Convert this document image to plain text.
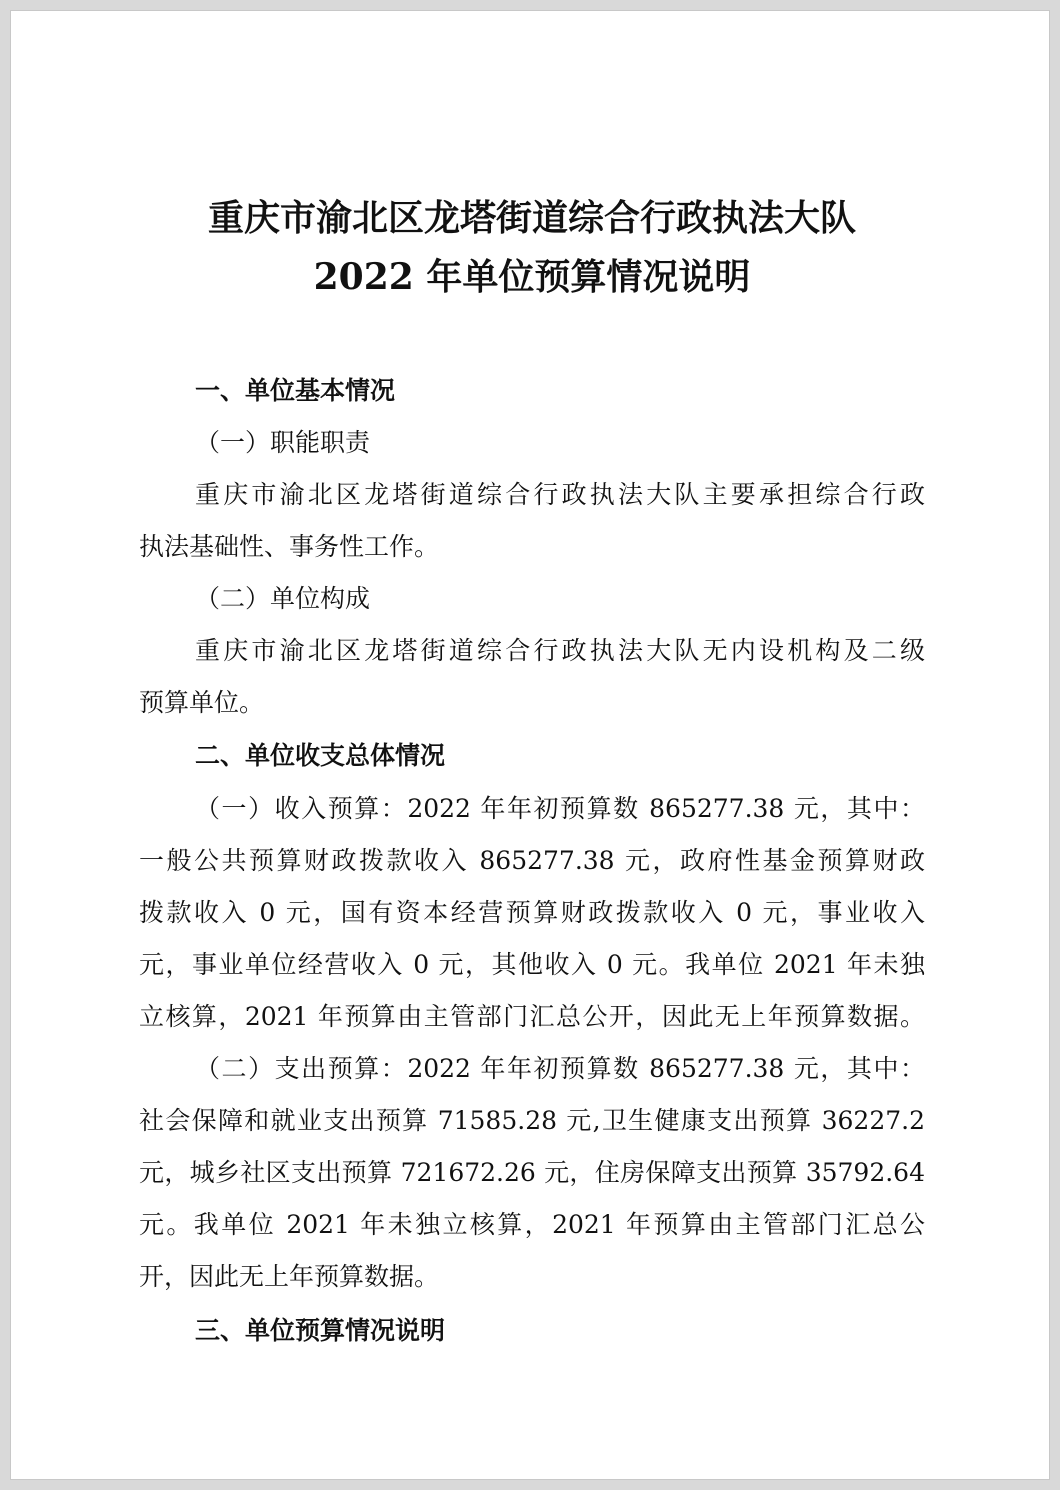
重庆市渝北区龙塔街道综合行政执法大队
2022 年单位预算情况说明
一、单位基本情况
（一）职能职责
重庆市渝北区龙塔街道综合行政执法大队主要承担综合行政
执法基础性、事务性工作。
（二）单位构成
重庆市渝北区龙塔街道综合行政执法大队无内设机构及二级
预算单位。
二、单位收支总体情况
（一）收入预算：2022 年年初预算数 865277.38 元，其中：
一般公共预算财政拨款收入 865277.38 元，政府性基金预算财政
拨款收入 0 元，国有资本经营预算财政拨款收入 0 元，事业收入
元，事业单位经营收入 0 元，其他收入 0 元。我单位 2021 年未独
立核算，2021 年预算由主管部门汇总公开，因此无上年预算数据。
（二）支出预算：2022 年年初预算数 865277.38 元，其中：
社会保障和就业支出预算 71585.28 元,卫生健康支出预算 36227.2
元，城乡社区支出预算 721672.26 元，住房保障支出预算 35792.64
元。我单位 2021 年未独立核算，2021 年预算由主管部门汇总公
开，因此无上年预算数据。
三、单位预算情况说明
